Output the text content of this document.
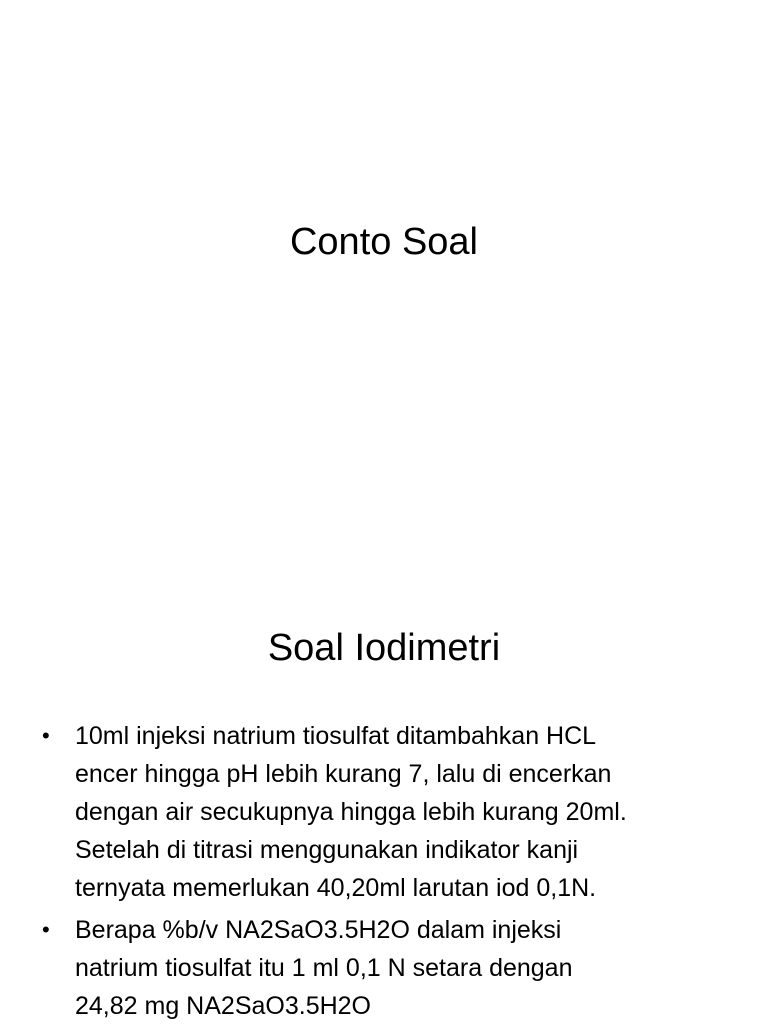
Conto Soal
Soal Iodimetri
•	10ml injeksi natrium tiosulfat ditambahkan HCL
encer hingga pH lebih kurang 7, lalu di encerkan
dengan air secukupnya hingga lebih kurang 20ml.
Setelah di titrasi menggunakan indikator kanji
ternyata memerlukan 40,20ml larutan iod 0,1N.
•	Berapa %b/v NA2SaO3.5H2O dalam injeksi
natrium tiosulfat itu 1 ml 0,1 N setara dengan
24,82 mg NA2SaO3.5H2O
